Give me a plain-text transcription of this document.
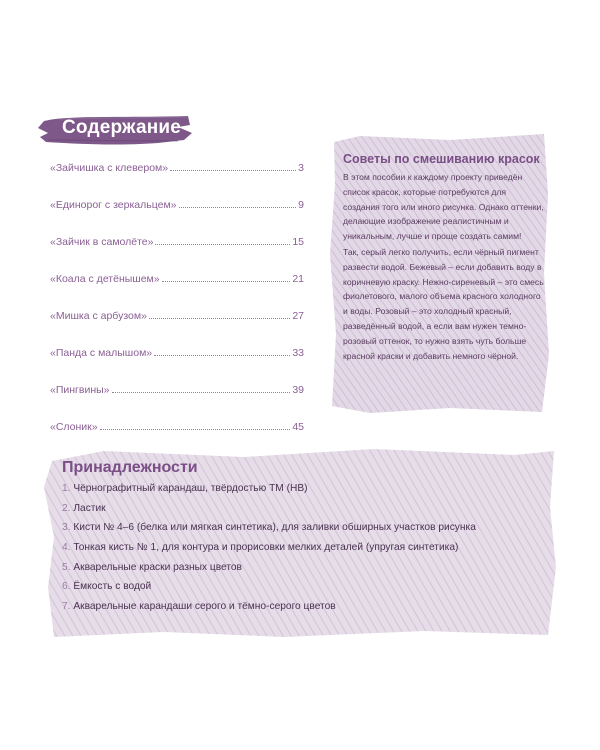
Содержание
«Зайчишка с клевером»	3
«Единорог с зеркальцем»	9
«Зайчик в самолёте»	15
«Коала с детёнышем»	21
«Мишка с арбузом»	27
«Панда с малышом»	33
«Пингвины»	39
«Слоник»	45
Советы по смешиванию красок

В этом пособии к каждому проекту приведён список красок, которые потребуются для создания того или иного рисунка. Однако оттенки, делающие изображение реалистичным и уникальным, лучше и проще создать самим!

Так, серый легко получить, если чёрный пигмент развести водой. Бежевый – если добавить воду в коричневую краску. Нежно-сиреневый – это смесь фиолетового, малого объема красного холодного и воды. Розовый – это холодный красный, разведённый водой, а если вам нужен темно-розовый оттенок, то нужно взять чуть больше красной краски и добавить немного чёрной.

Принадлежности
1. Чёрнографитный карандаш, твёрдостью ТМ (HB)
2. Ластик
3. Кисти № 4–6 (белка или мягкая синтетика), для заливки обширных участков рисунка
4. Тонкая кисть № 1, для контура и прорисовки мелких деталей (упругая синтетика)
5. Акварельные краски разных цветов
6. Ёмкость с водой
7. Акварельные карандаши серого и тёмно-серого цветов
